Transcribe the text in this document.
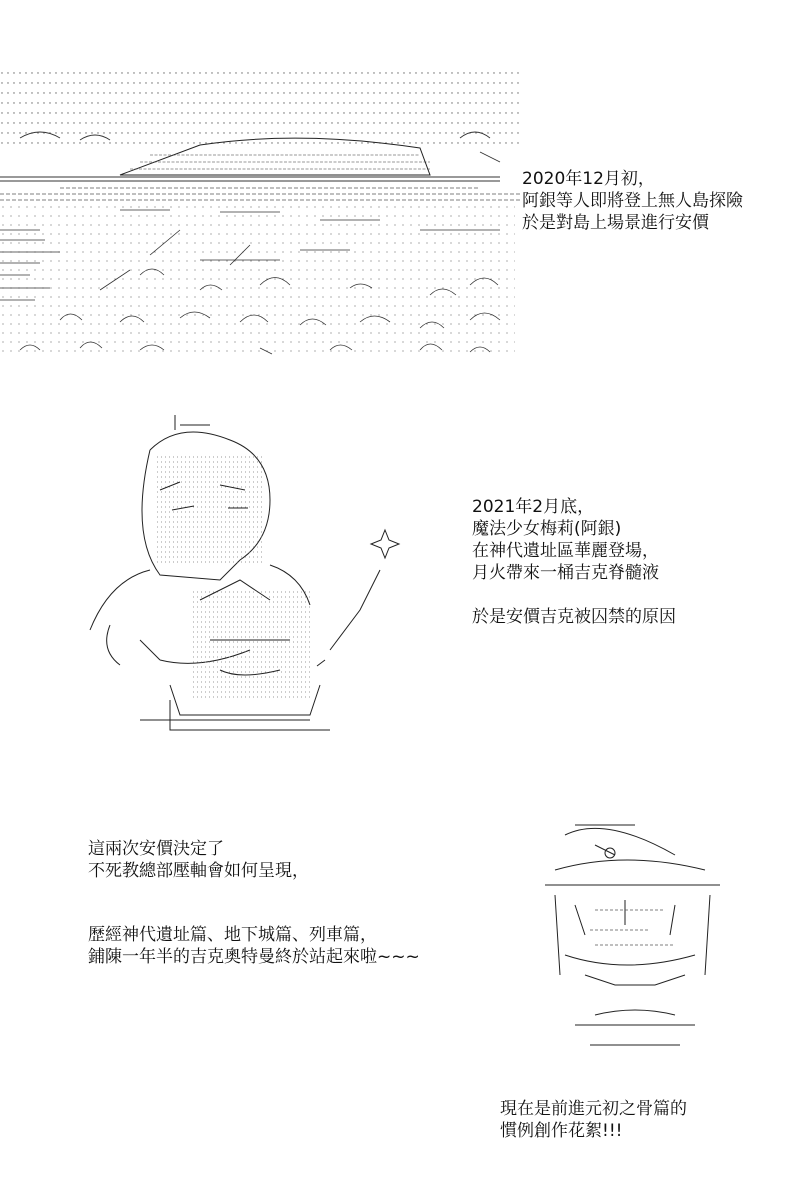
2020年12月初，
阿銀等人即將登上無人島探險
於是對島上場景進行安價
2021年2月底，
魔法少女梅莉(阿銀)
在神代遺址區華麗登場，
月火帶來一桶吉克脊髓液
於是安價吉克被囚禁的原因
這兩次安價決定了
不死教總部壓軸會如何呈現，
歷經神代遺址篇、地下城篇、列車篇，
鋪陳一年半的吉克奧特曼終於站起來啦~~~
現在是前進元初之骨篇的
慣例創作花絮!!!
